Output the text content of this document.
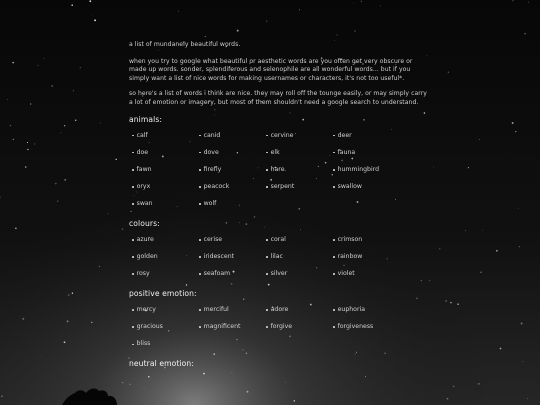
a list of mundanely beautiful words.

when you try to google what beautiful or aesthetic words are you often get very obscure or made up words. sonder, splendiferous and selenophile are all wonderful words... but if you simply want a list of nice words for making usernames or characters, it's not too useful*.

so here's a list of words i think are nice. they may roll off the tounge easily, or may simply carry a lot of emotion or imagery, but most of them shouldn't need a google search to understand.

animals:
calf	canid	cervine	deer
doe	dove	elk	fauna
fawn	firefly	hare	hummingbird
oryx	peacock	serpent	swallow
swan	wolf
colours:
azure	cerise	coral	crimson
golden	iridescent	lilac	rainbow
rosy	seafoam	silver	violet
positive emotion:
mercy	merciful	adore	euphoria
gracious	magnificent	forgive	forgiveness
bliss
neutral emotion:
